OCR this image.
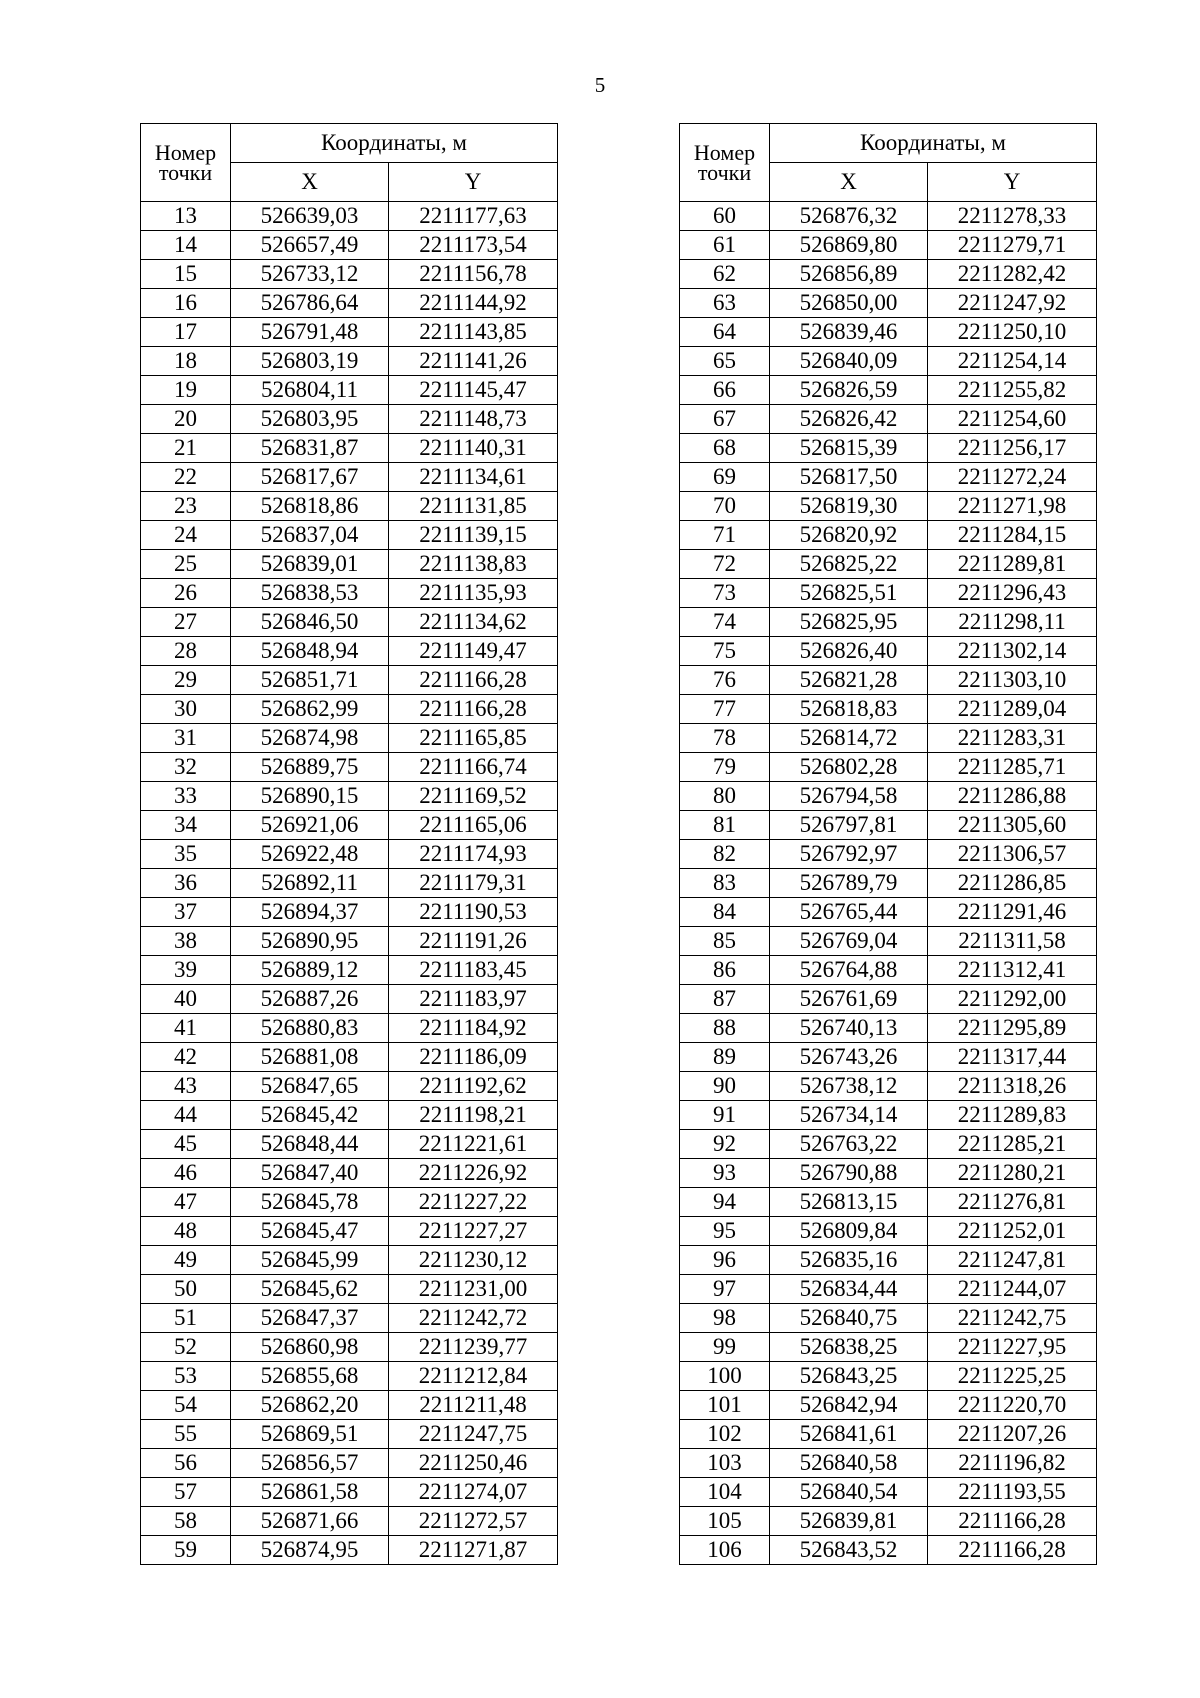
5
Номер
точки	Координаты, м	
	X	Y
13	526639,03	2211177,63
14	526657,49	2211173,54
15	526733,12	2211156,78
16	526786,64	2211144,92
17	526791,48	2211143,85
18	526803,19	2211141,26
19	526804,11	2211145,47
20	526803,95	2211148,73
21	526831,87	2211140,31
22	526817,67	2211134,61
23	526818,86	2211131,85
24	526837,04	2211139,15
25	526839,01	2211138,83
26	526838,53	2211135,93
27	526846,50	2211134,62
28	526848,94	2211149,47
29	526851,71	2211166,28
30	526862,99	2211166,28
31	526874,98	2211165,85
32	526889,75	2211166,74
33	526890,15	2211169,52
34	526921,06	2211165,06
35	526922,48	2211174,93
36	526892,11	2211179,31
37	526894,37	2211190,53
38	526890,95	2211191,26
39	526889,12	2211183,45
40	526887,26	2211183,97
41	526880,83	2211184,92
42	526881,08	2211186,09
43	526847,65	2211192,62
44	526845,42	2211198,21
45	526848,44	2211221,61
46	526847,40	2211226,92
47	526845,78	2211227,22
48	526845,47	2211227,27
49	526845,99	2211230,12
50	526845,62	2211231,00
51	526847,37	2211242,72
52	526860,98	2211239,77
53	526855,68	2211212,84
54	526862,20	2211211,48
55	526869,51	2211247,75
56	526856,57	2211250,46
57	526861,58	2211274,07
58	526871,66	2211272,57
59	526874,95	2211271,87
Номер
точки	Координаты, м	
	X	Y
60	526876,32	2211278,33
61	526869,80	2211279,71
62	526856,89	2211282,42
63	526850,00	2211247,92
64	526839,46	2211250,10
65	526840,09	2211254,14
66	526826,59	2211255,82
67	526826,42	2211254,60
68	526815,39	2211256,17
69	526817,50	2211272,24
70	526819,30	2211271,98
71	526820,92	2211284,15
72	526825,22	2211289,81
73	526825,51	2211296,43
74	526825,95	2211298,11
75	526826,40	2211302,14
76	526821,28	2211303,10
77	526818,83	2211289,04
78	526814,72	2211283,31
79	526802,28	2211285,71
80	526794,58	2211286,88
81	526797,81	2211305,60
82	526792,97	2211306,57
83	526789,79	2211286,85
84	526765,44	2211291,46
85	526769,04	2211311,58
86	526764,88	2211312,41
87	526761,69	2211292,00
88	526740,13	2211295,89
89	526743,26	2211317,44
90	526738,12	2211318,26
91	526734,14	2211289,83
92	526763,22	2211285,21
93	526790,88	2211280,21
94	526813,15	2211276,81
95	526809,84	2211252,01
96	526835,16	2211247,81
97	526834,44	2211244,07
98	526840,75	2211242,75
99	526838,25	2211227,95
100	526843,25	2211225,25
101	526842,94	2211220,70
102	526841,61	2211207,26
103	526840,58	2211196,82
104	526840,54	2211193,55
105	526839,81	2211166,28
106	526843,52	2211166,28
